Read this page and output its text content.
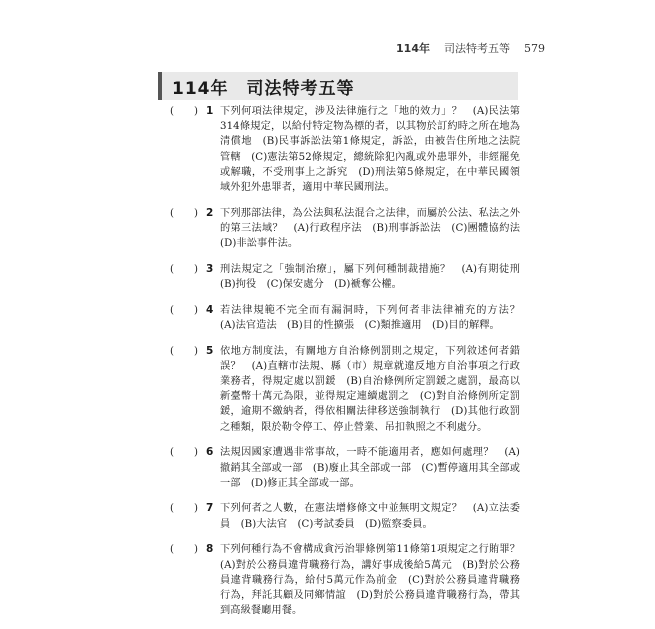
114年 司法特考五等 579
114年　司法特考五等
( ) 1 下列何項法律規定，涉及法律施行之「地的效力」？　(A)民法第314條規定，以給付特定物為標的者，以其物於訂約時之所在地為清償地　(B)民事訴訟法第1條規定，訴訟，由被告住所地之法院管轄　(C)憲法第52條規定，總統除犯內亂或外患罪外，非經罷免或解職，不受刑事上之訴究　(D)刑法第5條規定，在中華民國領域外犯外患罪者，適用中華民國刑法。
( ) 2 下列那部法律，為公法與私法混合之法律，而屬於公法、私法之外的第三法域？　(A)行政程序法　(B)刑事訴訟法　(C)團體協約法　(D)非訟事件法。
( ) 3 刑法規定之「強制治療」，屬下列何種制裁措施？　(A)有期徒刑　(B)拘役　(C)保安處分　(D)褫奪公權。
( ) 4 若法律規範不完全而有漏洞時，下列何者非法律補充的方法？　(A)法官造法　(B)目的性擴張　(C)類推適用　(D)目的解釋。
( ) 5 依地方制度法，有關地方自治條例罰則之規定，下列敘述何者錯誤？　(A)直轄市法規、縣（市）規章就違反地方自治事項之行政業務者，得規定處以罰鍰　(B)自治條例所定罰鍰之處罰，最高以新臺幣十萬元為限，並得規定連續處罰之　(C)對自治條例所定罰鍰，逾期不繳納者，得依相關法律移送強制執行　(D)其他行政罰之種類，限於勒令停工、停止營業、吊扣執照之不利處分。
( ) 6 法規因國家遭遇非常事故，一時不能適用者，應如何處理？　(A)撤銷其全部或一部　(B)廢止其全部或一部　(C)暫停適用其全部或一部　(D)修正其全部或一部。
( ) 7 下列何者之人數，在憲法增修條文中並無明文規定？　(A)立法委員　(B)大法官　(C)考試委員　(D)監察委員。
( ) 8 下列何種行為不會構成貪污治罪條例第11條第1項規定之行賄罪？　(A)對於公務員違背職務行為，講好事成後給5萬元　(B)對於公務員違背職務行為，給付5萬元作為前金　(C)對於公務員違背職務行為，拜託其顧及同鄉情誼　(D)對於公務員違背職務行為，帶其到高級餐廳用餐。
